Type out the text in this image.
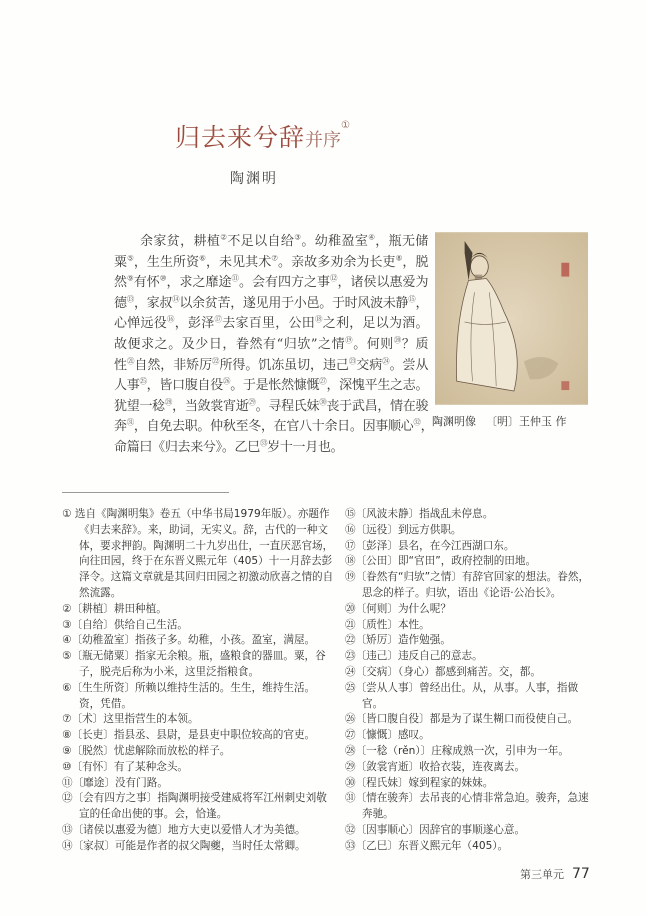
归去来兮辞并序①
陶渊明
余家贫，耕植②不足以自给③。幼稚盈室④，瓶无储
粟⑤，生生所资⑥，未见其术⑦。亲故多劝余为长吏⑧，脱
然⑨有怀⑩，求之靡途⑪。会有四方之事⑫，诸侯以惠爱为
德⑬，家叔⑭以余贫苦，遂见用于小邑。于时风波未静⑮，
心惮远役⑯，彭泽⑰去家百里，公田⑱之利，足以为酒。
故便求之。及少日，眷然有“归欤”之情⑲。何则⑳？质
性$^㉑$自然，非矫厉$^㉒$所得。饥冻虽切，违己$^㉓$交病$^㉔$。尝从
人事$^㉕$，皆口腹自役$^㉖$。于是怅然慷慨$^㉗$，深愧平生之志。
犹望一稔$^㉘$，当敛裳宵逝$^㉙$。寻程氏妹$^㉚$丧于武昌，情在骏
奔$^㉛$，自免去职。仲秋至冬，在官八十余日。因事顺心$^㉜$，
命篇曰《归去来兮》。乙巳$^㉝$岁十一月也。
陶渊明像 〔明〕王仲玉 作
① 选自《陶渊明集》卷五（中华书局1979年版）。亦题作《归去来辞》。来，助词，无实义。辞，古代的一种文体，要求押韵。陶渊明二十九岁出仕，一直厌恶官场，向往田园，终于在东晋义熙元年（405）十一月辞去彭泽令。这篇文章就是其回归田园之初激动欣喜之情的自然流露。
②〔耕植〕耕田种植。
③〔自给〕供给自己生活。
④〔幼稚盈室〕指孩子多。幼稚，小孩。盈室，满屋。
⑤〔瓶无储粟〕指家无余粮。瓶，盛粮食的器皿。粟，谷子，脱壳后称为小米，这里泛指粮食。
⑥〔生生所资〕所赖以维持生活的。生生，维持生活。资，凭借。
⑦〔术〕这里指营生的本领。
⑧〔长吏〕指县丞、县尉，是县吏中职位较高的官吏。
⑨〔脱然〕忧虑解除而放松的样子。
⑩〔有怀〕有了某种念头。
⑪〔靡途〕没有门路。
⑫〔会有四方之事〕指陶渊明接受建威将军江州刺史刘敬宣的任命出使的事。会，恰逢。
⑬〔诸侯以惠爱为德〕地方大吏以爱惜人才为美德。
⑭〔家叔〕可能是作者的叔父陶夔，当时任太常卿。
⑮〔风波未静〕指战乱未停息。
⑯〔远役〕到远方供职。
⑰〔彭泽〕县名，在今江西湖口东。
⑱〔公田〕即“官田”，政府控制的田地。
⑲〔眷然有“归欤”之情〕有辞官回家的想法。眷然，思念的样子。归欤，语出《论语·公冶长》。
⑳〔何则〕为什么呢？
㉑〔质性〕本性。
㉒〔矫厉〕造作勉强。
㉓〔违己〕违反自己的意志。
㉔〔交病〕（身心）都感到痛苦。交，都。
㉕〔尝从人事〕曾经出仕。从，从事。人事，指做官。
㉖〔皆口腹自役〕都是为了谋生糊口而役使自己。
㉗〔慷慨〕感叹。
㉘〔一稔（rěn）〕庄稼成熟一次，引申为一年。
㉙〔敛裳宵逝〕收拾衣装，连夜离去。
㉚〔程氏妹〕嫁到程家的妹妹。
㉛〔情在骏奔〕去吊丧的心情非常急迫。骏奔，急速奔驰。
㉜〔因事顺心〕因辞官的事顺遂心意。
㉝〔乙巳〕东晋义熙元年（405）。
第三单元 77
